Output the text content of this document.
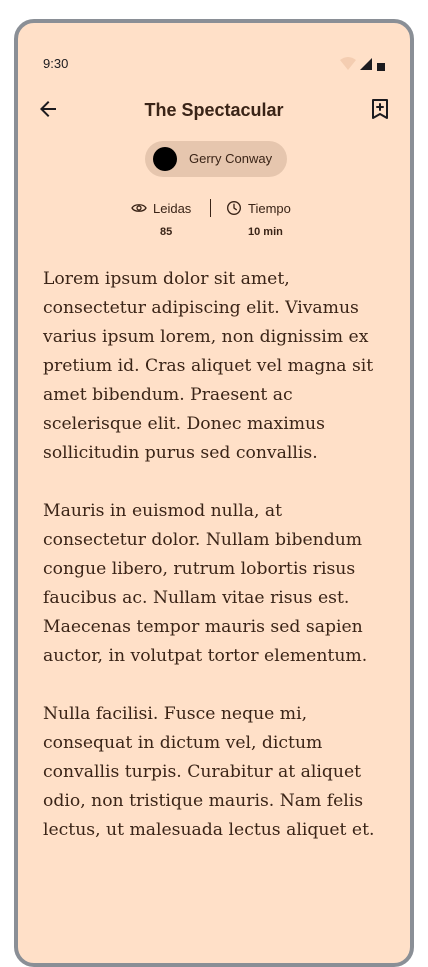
9:30
The Spectacular
Gerry Conway
Leidas
85
Tiempo
10 min

Lorem ipsum dolor sit amet, consectetur adipiscing elit. Vivamus varius ipsum lorem, non dignissim ex pretium id. Cras aliquet vel magna sit amet bibendum. Praesent ac scelerisque elit. Donec maximus sollicitudin purus sed convallis.

Mauris in euismod nulla, at consectetur dolor. Nullam bibendum congue libero, rutrum lobortis risus faucibus ac. Nullam vitae risus est. Maecenas tempor mauris sed sapien auctor, in volutpat tortor elementum.

Nulla facilisi. Fusce neque mi, consequat in dictum vel, dictum convallis turpis. Curabitur at aliquet odio, non tristique mauris. Nam felis lectus, ut malesuada lectus aliquet et.
